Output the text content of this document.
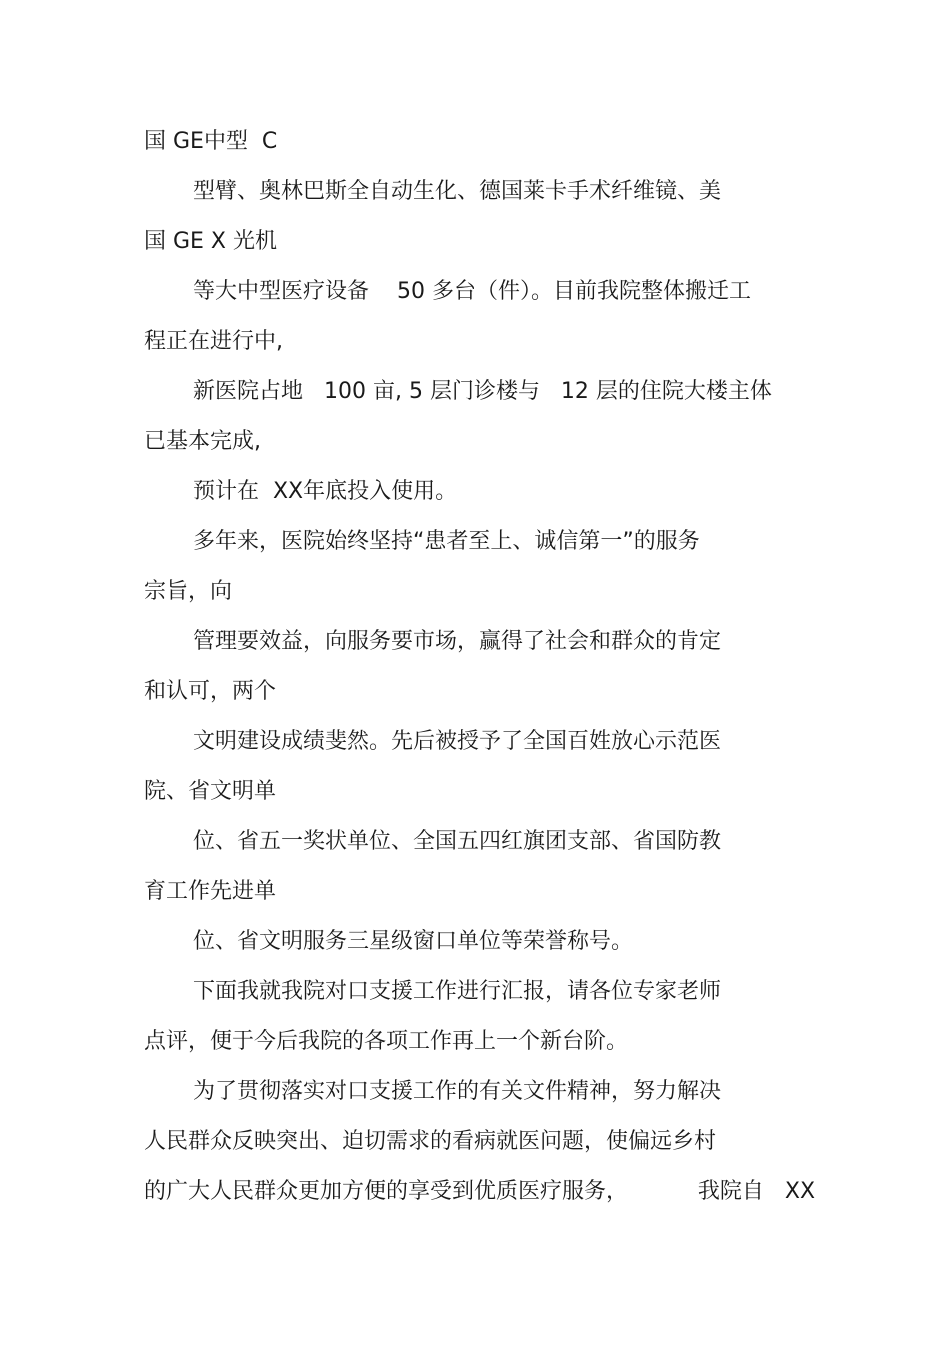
国 GE中型  C
型臂、奥林巴斯全自动生化、德国莱卡手术纤维镜、美
国 GE X 光机
等大中型医疗设备    50 多台（件）。目前我院整体搬迁工
程正在进行中,
新医院占地   100 亩, 5 层门诊楼与   12 层的住院大楼主体
已基本完成,
预计在  XX年底投入使用。
多年来，医院始终坚持“患者至上、诚信第一”的服务
宗旨，向
管理要效益，向服务要市场，赢得了社会和群众的肯定
和认可，两个
文明建设成绩斐然。先后被授予了全国百姓放心示范医
院、省文明单
位、省五一奖状单位、全国五四红旗团支部、省国防教
育工作先进单
位、省文明服务三星级窗口单位等荣誉称号。
下面我就我院对口支援工作进行汇报，请各位专家老师
点评，便于今后我院的各项工作再上一个新台阶。
为了贯彻落实对口支援工作的有关文件精神，努力解决
人民群众反映突出、迫切需求的看病就医问题，使偏远乡村
的广大人民群众更加方便的享受到优质医疗服务，          我院自   XX
